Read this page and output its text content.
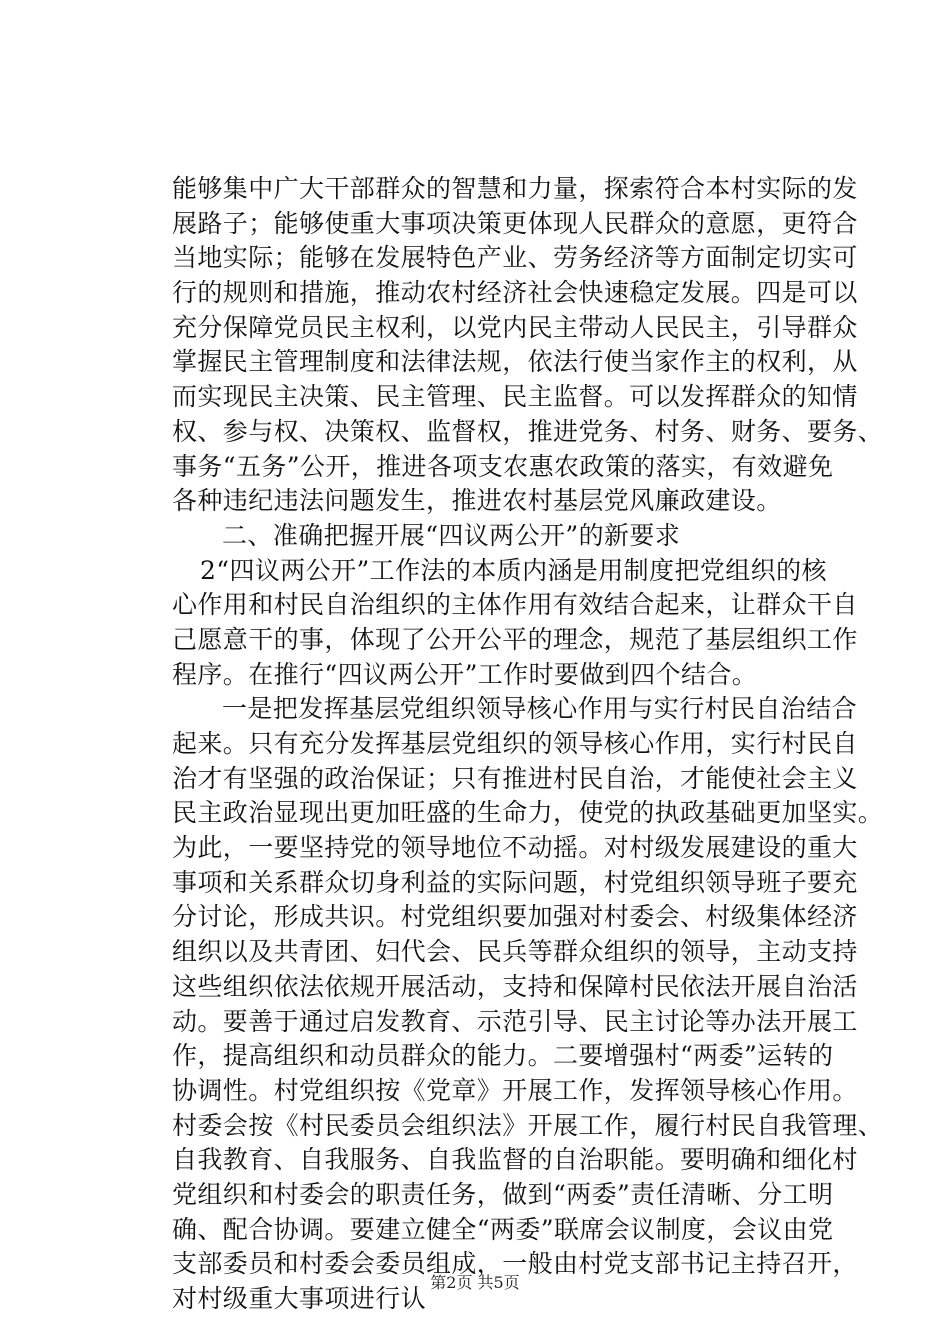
能够集中广大干部群众的智慧和力量，探索符合本村实际的发
展路子；能够使重大事项决策更体现人民群众的意愿，更符合
当地实际；能够在发展特色产业、劳务经济等方面制定切实可
行的规则和措施，推动农村经济社会快速稳定发展。四是可以
充分保障党员民主权利，以党内民主带动人民民主，引导群众
掌握民主管理制度和法律法规，依法行使当家作主的权利，从
而实现民主决策、民主管理、民主监督。可以发挥群众的知情
权、参与权、决策权、监督权，推进党务、村务、财务、要务、
事务“五务”公开，推进各项支农惠农政策的落实，有效避免
各种违纪违法问题发生，推进农村基层党风廉政建设。
二、准确把握开展“四议两公开”的新要求
2“四议两公开”工作法的本质内涵是用制度把党组织的核
心作用和村民自治组织的主体作用有效结合起来，让群众干自
己愿意干的事，体现了公开公平的理念，规范了基层组织工作
程序。在推行“四议两公开”工作时要做到四个结合。
一是把发挥基层党组织领导核心作用与实行村民自治结合
起来。只有充分发挥基层党组织的领导核心作用，实行村民自
治才有坚强的政治保证；只有推进村民自治，才能使社会主义
民主政治显现出更加旺盛的生命力，使党的执政基础更加坚实。
为此，一要坚持党的领导地位不动摇。对村级发展建设的重大
事项和关系群众切身利益的实际问题，村党组织领导班子要充
分讨论，形成共识。村党组织要加强对村委会、村级集体经济
组织以及共青团、妇代会、民兵等群众组织的领导，主动支持
这些组织依法依规开展活动，支持和保障村民依法开展自治活
动。要善于通过启发教育、示范引导、民主讨论等办法开展工
作，提高组织和动员群众的能力。二要增强村“两委”运转的
协调性。村党组织按《党章》开展工作，发挥领导核心作用。
村委会按《村民委员会组织法》开展工作，履行村民自我管理、
自我教育、自我服务、自我监督的自治职能。要明确和细化村
党组织和村委会的职责任务，做到“两委”责任清晰、分工明
确、配合协调。要建立健全“两委”联席会议制度，会议由党
支部委员和村委会委员组成，一般由村党支部书记主持召开，
对村级重大事项进行认
第2页 共5页
